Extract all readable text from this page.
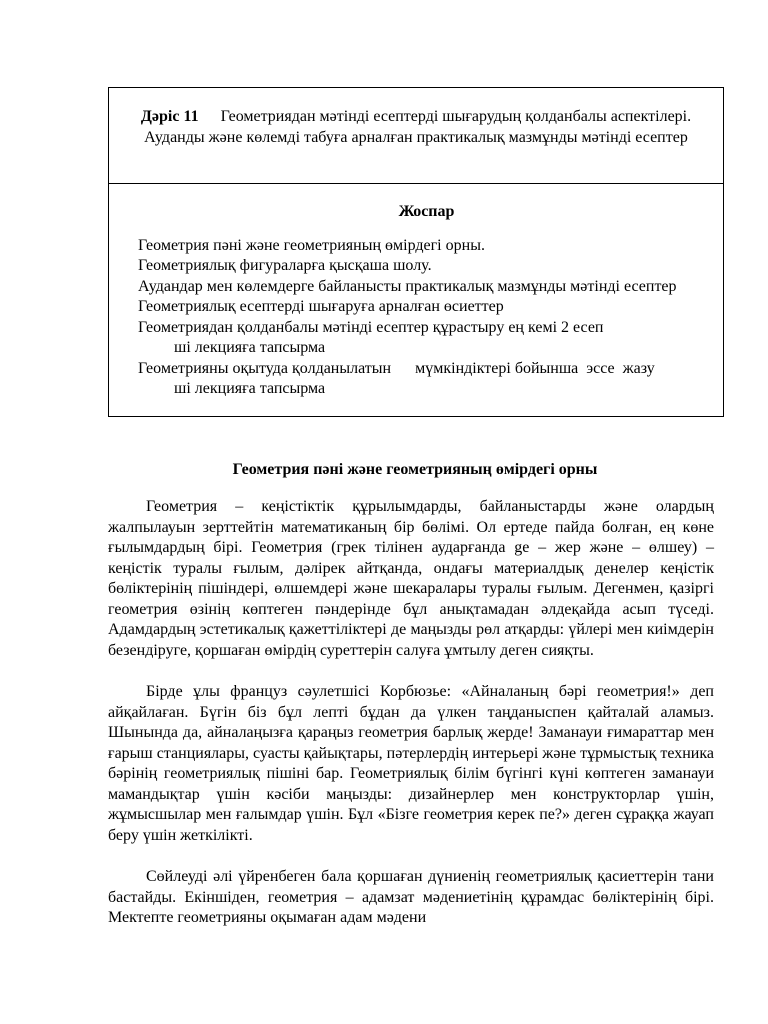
Дәріс 11 Геометриядан мәтінді есептерді шығарудың қолданбалы аспектілері. Ауданды және көлемді табуға арналған практикалық мазмұнды мәтінді есептер
Жоспар
Геометрия пәні және геометрияның өмірдегі орны.
Геометриялық фигураларға қысқаша шолу.
Аудандар мен көлемдерге байланысты практикалық мазмұнды мәтінді есептер
Геометриялық есептерді шығаруға арналған өсиеттер
Геометриядан қолданбалы мәтінді есептер құрастыру ең кемі 2 есеп
ші лекцияға тапсырма
Геометрияны оқытуда қолданылатын      мүмкіндіктері бойынша  эссе  жазу
ші лекцияға тапсырма
Геометрия пәні және геометрияның өмірдегі орны

Геометрия – кеңістіктік құрылымдарды, байланыстарды және олардың жалпылауын зерттейтін математиканың бір бөлімі. Ол ертеде пайда болған, ең көне ғылымдардың бірі. Геометрия (грек тілінен аударғанда ge – жер және – өлшеу) – кеңістік туралы ғылым, дәлірек айтқанда, ондағы материалдық денелер кеңістік бөліктерінің пішіндері, өлшемдері және шекаралары туралы ғылым. Дегенмен, қазіргі геометрия өзінің көптеген пәндерінде бұл анықтамадан әлдеқайда асып түседі. Адамдардың эстетикалық қажеттіліктері де маңызды рөл атқарды: үйлері мен киімдерін безендіруге, қоршаған өмірдің суреттерін салуға ұмтылу деген сияқты.

Бірде ұлы француз сәулетшісі Корбюзье: «Айналаның бәрі геометрия!» деп айқайлаған. Бүгін біз бұл лепті бұдан да үлкен таңданыспен қайталай аламыз. Шынында да, айналаңызға қараңыз геометрия барлық жерде! Заманауи ғимараттар мен ғарыш станциялары, суасты қайықтары, пәтерлердің интерьері және тұрмыстық техника бәрінің геометриялық пішіні бар. Геометриялық білім бүгінгі күні көптеген заманауи мамандықтар үшін кәсіби маңызды: дизайнерлер мен конструкторлар үшін, жұмысшылар мен ғалымдар үшін. Бұл «Бізге геометрия керек пе?» деген сұраққа жауап беру үшін жеткілікті.

Сөйлеуді әлі үйренбеген бала қоршаған дүниенің геометриялық қасиеттерін тани бастайды. Екіншіден, геометрия – адамзат мәдениетінің құрамдас бөліктерінің бірі. Мектепте геометрияны оқымаған адам мәдени
